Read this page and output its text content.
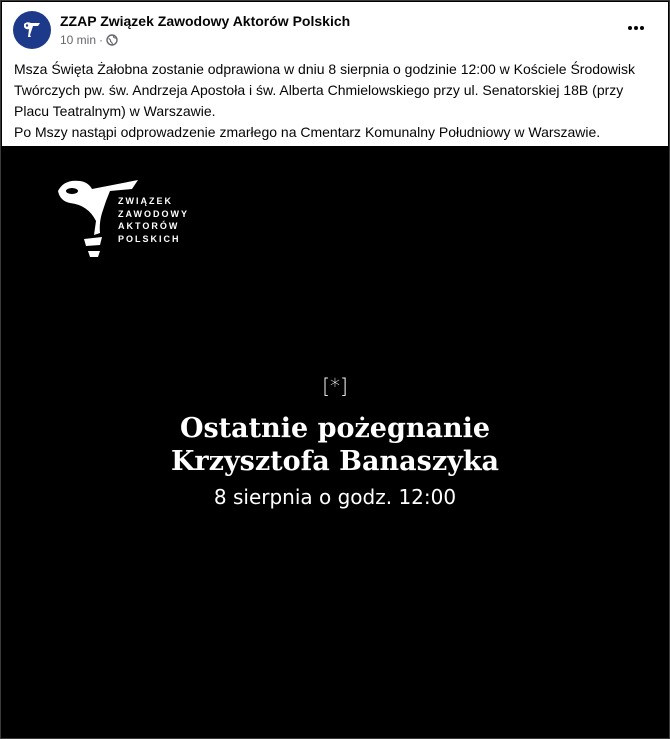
ZZAP Związek Zawodowy Aktorów Polskich
10 min ·

Msza Święta Żałobna zostanie odprawiona w dniu 8 sierpnia o godzinie 12:00 w Kościele Środowisk Twórczych pw. św. Andrzeja Apostoła i św. Alberta Chmielowskiego przy ul. Senatorskiej 18B (przy Placu Teatralnym) w Warszawie.

Po Mszy nastąpi odprowadzenie zmarłego na Cmentarz Komunalny Południowy w Warszawie.

ZWIĄZEK
ZAWODOWY
AKTORÓW
POLSKICH
[*]
Ostatnie pożegnanie
Krzysztofa Banaszyka
8 sierpnia o godz. 12:00
